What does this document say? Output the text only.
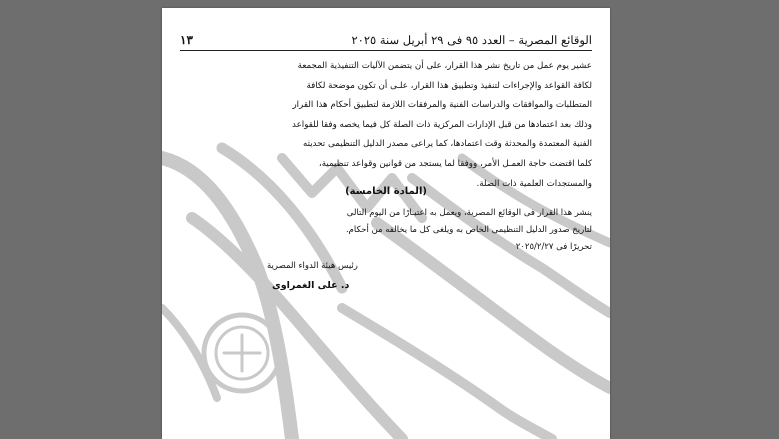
الوقائع المصرية – العدد ٩٥ فى ٢٩ أبريل سنة ٢٠٢٥
١٣
عشير يوم عمل من تاريخ نشر هذا القرار، على أن يتضمن الآليات التنفيذية المجمعة
لكافة القواعد والإجراءات لتنفيذ وتطبيق هذا القرار، علـى أن تكون موضحة لكافة
المتطلبات والموافقات والدراسات الفنية والمرفقات اللازمة لتطبيق أحكام هذا القرار
وذلك بعد اعتمادها من قبل الإدارات المركزية ذات الصلة كل فيما يخصه وفقا للقواعد
الفنية المعتمدة والمحدثة وقت اعتمادها، كما يراعى مصدر الدليل التنظيمى تحديثه
كلما اقتضت حاجة العمـل الأمر، ووفقا لما يستجد من قوانين وقواعد تنظيمية،
والمستجدات العلمية ذات الصلة.
(المادة الخامسة)
ينشر هذا القرار فى الوقائع المصرية، ويعمل به اعتبـارًا من اليوم التالى
لتاريخ صدور الدليل التنظيمى الخاص به ويلغى كل ما يخالفه من أحكام.
تحريرًا فى ٢٠٢٥/٢/٢٧
رئيس هيئة الدواء المصرية
د. على الغمراوى
